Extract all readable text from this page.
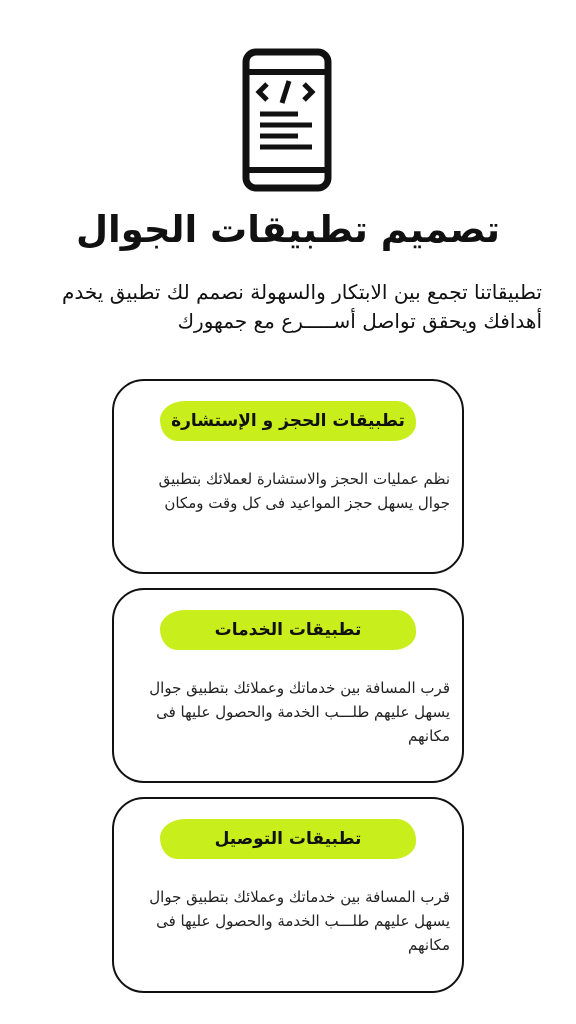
تصميم تطبيقات الجوال

تطبيقاتنا تجمع بين الابتكار والسهولة نصمم لك تطبيق يخدم أهدافك ويحقق تواصل أســـــرع مع جمهورك

تطبيقات الحجز و الإستشارة

نظم عمليات الحجز والاستشارة لعملائك بتطبيق جوال يسهل حجز المواعيد فى كل وقت ومكان

تطبيقات الخدمات

قرب المسافة بين خدماتك وعملائك بتطبيق جوال يسهل عليهم طلـــب الخدمة والحصول عليها فى مكانهم

تطبيقات التوصيل

قرب المسافة بين خدماتك وعملائك بتطبيق جوال يسهل عليهم طلـــب الخدمة والحصول عليها فى مكانهم
